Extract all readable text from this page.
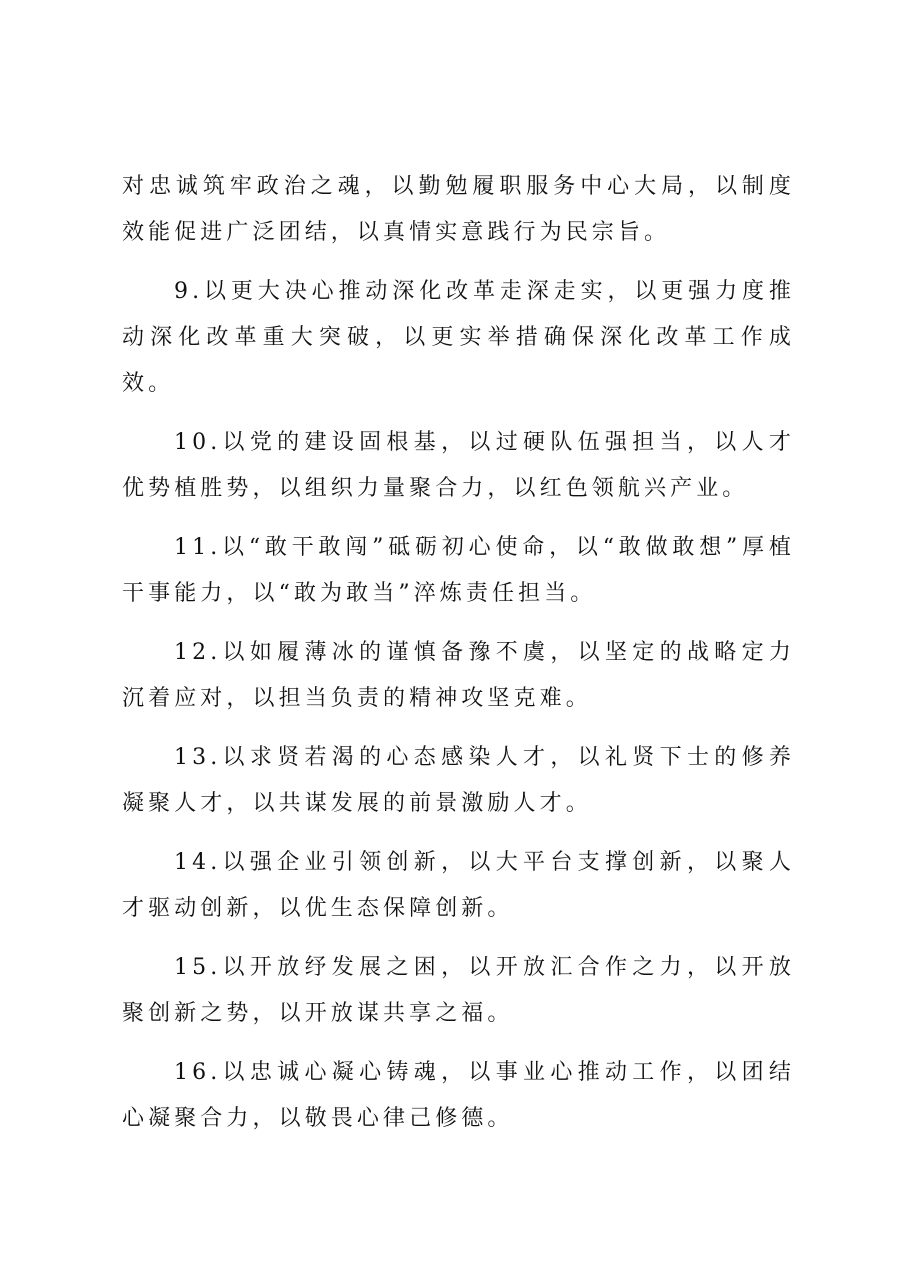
对忠诚筑牢政治之魂，以勤勉履职服务中心大局，以制度效能促进广泛团结，以真情实意践行为民宗旨。

9.以更大决心推动深化改革走深走实，以更强力度推动深化改革重大突破，以更实举措确保深化改革工作成效。

10.以党的建设固根基，以过硬队伍强担当，以人才优势植胜势，以组织力量聚合力，以红色领航兴产业。

11.以“敢干敢闯”砥砺初心使命，以“敢做敢想”厚植干事能力，以“敢为敢当”淬炼责任担当。

12.以如履薄冰的谨慎备豫不虞，以坚定的战略定力沉着应对，以担当负责的精神攻坚克难。

13.以求贤若渴的心态感染人才，以礼贤下士的修养凝聚人才，以共谋发展的前景激励人才。

14.以强企业引领创新，以大平台支撑创新，以聚人才驱动创新，以优生态保障创新。

15.以开放纾发展之困，以开放汇合作之力，以开放聚创新之势，以开放谋共享之福。

16.以忠诚心凝心铸魂，以事业心推动工作，以团结心凝聚合力，以敬畏心律己修德。
